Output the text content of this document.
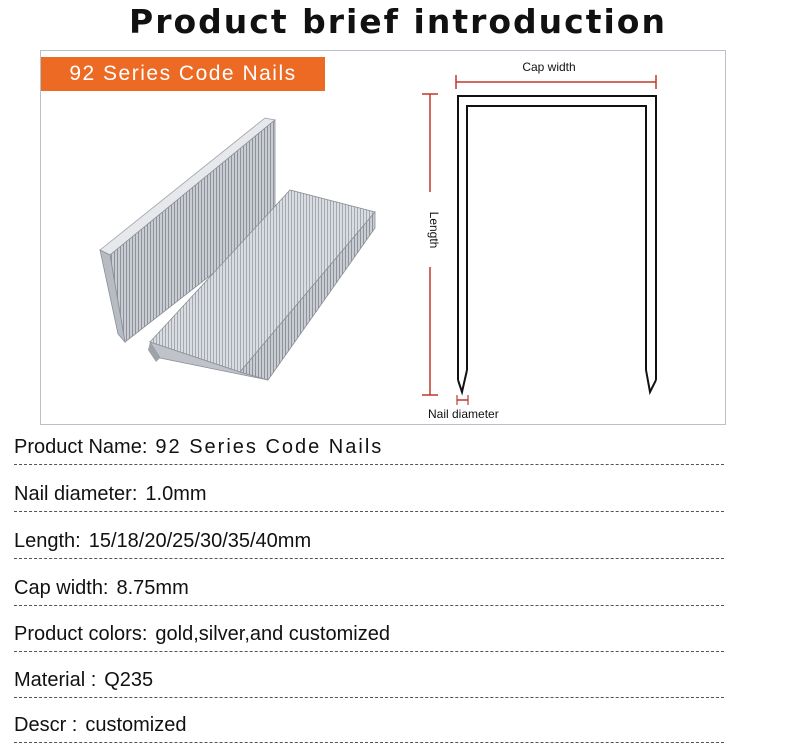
Product brief introduction
92 Series Code Nails	Cap width
Length
Nail diameter
Product Name: 92 Series Code Nails
Nail diameter: 1.0mm
Length: 15/18/20/25/30/35/40mm
Cap width: 8.75mm
Product colors: gold,silver,and customized
Material : Q235
Descr : customized
